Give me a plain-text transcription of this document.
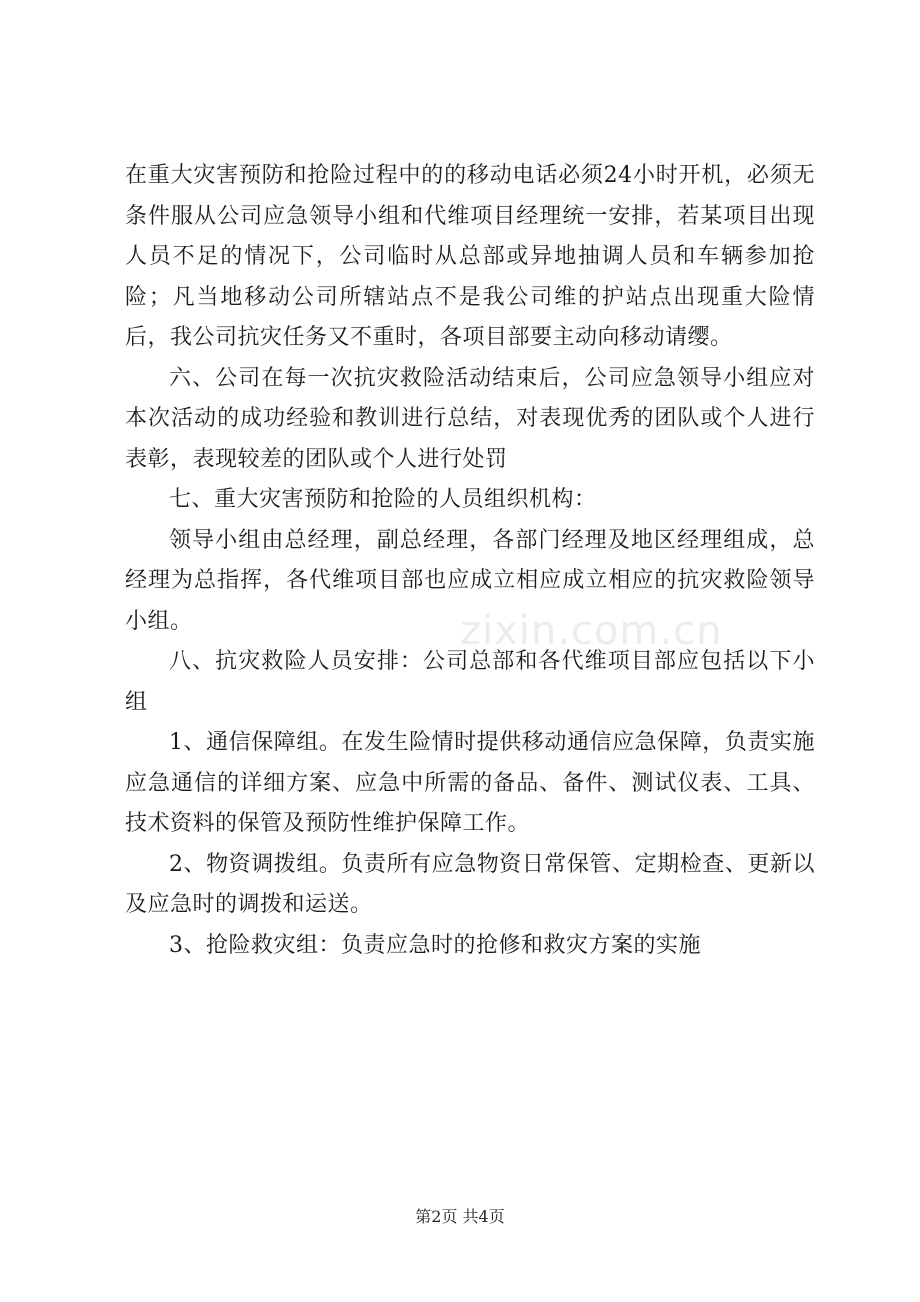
在重大灾害预防和抢险过程中的的移动电话必须24小时开机，必须无条件服从公司应急领导小组和代维项目经理统一安排，若某项目出现人员不足的情况下，公司临时从总部或异地抽调人员和车辆参加抢险；凡当地移动公司所辖站点不是我公司维的护站点出现重大险情后，我公司抗灾任务又不重时，各项目部要主动向移动请缨。

六、公司在每一次抗灾救险活动结束后，公司应急领导小组应对本次活动的成功经验和教训进行总结，对表现优秀的团队或个人进行表彰，表现较差的团队或个人进行处罚

七、重大灾害预防和抢险的人员组织机构：

领导小组由总经理，副总经理，各部门经理及地区经理组成，总经理为总指挥，各代维项目部也应成立相应成立相应的抗灾救险领导小组。

八、抗灾救险人员安排：公司总部和各代维项目部应包括以下小组

1、通信保障组。在发生险情时提供移动通信应急保障，负责实施应急通信的详细方案、应急中所需的备品、备件、测试仪表、工具、技术资料的保管及预防性维护保障工作。

2、物资调拨组。负责所有应急物资日常保管、定期检查、更新以及应急时的调拨和运送。

3、抢险救灾组：负责应急时的抢修和救灾方案的实施

zixin.com.cn
第2页 共4页
